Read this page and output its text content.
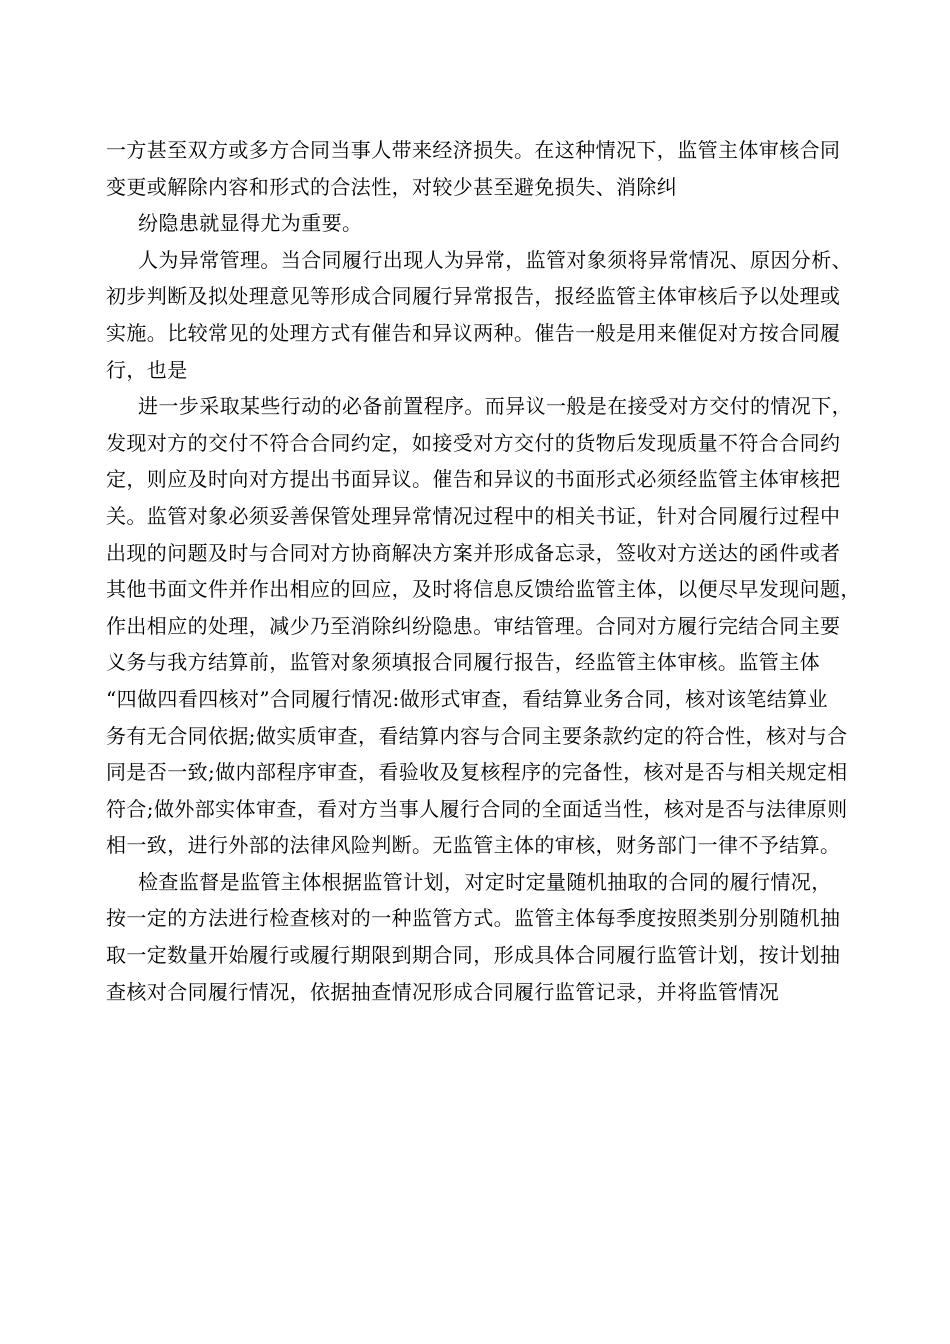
一方甚至双方或多方合同当事人带来经济损失。在这种情况下，监管主体审核合同
变更或解除内容和形式的合法性，对较少甚至避免损失、消除纠
纷隐患就显得尤为重要。
人为异常管理。当合同履行出现人为异常，监管对象须将异常情况、原因分析、
初步判断及拟处理意见等形成合同履行异常报告，报经监管主体审核后予以处理或
实施。比较常见的处理方式有催告和异议两种。催告一般是用来催促对方按合同履
行，也是
进一步采取某些行动的必备前置程序。而异议一般是在接受对方交付的情况下，
发现对方的交付不符合合同约定，如接受对方交付的货物后发现质量不符合合同约
定，则应及时向对方提出书面异议。催告和异议的书面形式必须经监管主体审核把
关。监管对象必须妥善保管处理异常情况过程中的相关书证，针对合同履行过程中
出现的问题及时与合同对方协商解决方案并形成备忘录，签收对方送达的函件或者
其他书面文件并作出相应的回应，及时将信息反馈给监管主体，以便尽早发现问题，
作出相应的处理，减少乃至消除纠纷隐患。审结管理。合同对方履行完结合同主要
义务与我方结算前，监管对象须填报合同履行报告，经监管主体审核。监管主体
“四做四看四核对”合同履行情况:做形式审查，看结算业务合同，核对该笔结算业
务有无合同依据;做实质审查，看结算内容与合同主要条款约定的符合性，核对与合
同是否一致;做内部程序审查，看验收及复核程序的完备性，核对是否与相关规定相
符合;做外部实体审查，看对方当事人履行合同的全面适当性，核对是否与法律原则
相一致，进行外部的法律风险判断。无监管主体的审核，财务部门一律不予结算。
检查监督是监管主体根据监管计划，对定时定量随机抽取的合同的履行情况，
按一定的方法进行检查核对的一种监管方式。监管主体每季度按照类别分别随机抽
取一定数量开始履行或履行期限到期合同，形成具体合同履行监管计划，按计划抽
查核对合同履行情况，依据抽查情况形成合同履行监管记录，并将监管情况
